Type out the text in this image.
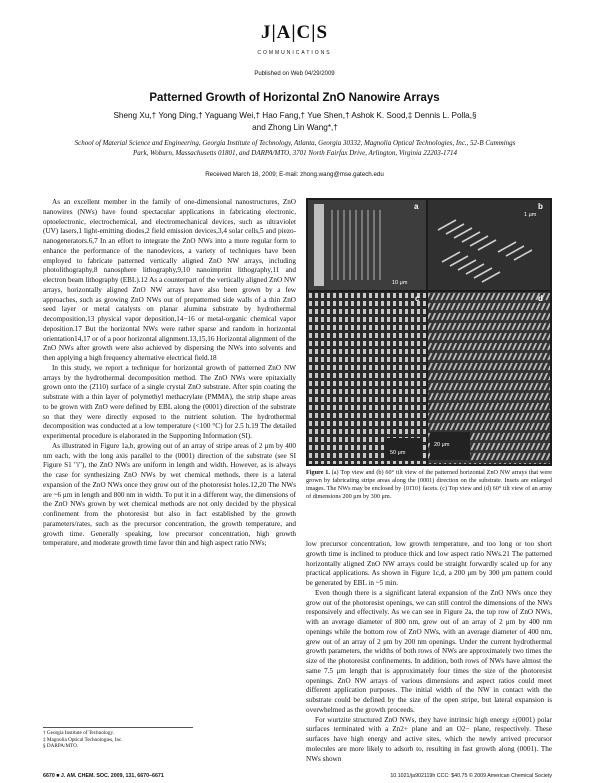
J|A|C|S
COMMUNICATIONS
Published on Web 04/29/2009
Patterned Growth of Horizontal ZnO Nanowire Arrays
Sheng Xu,† Yong Ding,† Yaguang Wei,† Hao Fang,† Yue Shen,† Ashok K. Sood,‡ Dennis L. Polla,§
and Zhong Lin Wang*,†
School of Material Science and Engineering, Georgia Institute of Technology, Atlanta, Georgia 30332, Magnolia Optical Technologies, Inc., 52-B Cummings Park, Woburn, Massachusetts 01801, and DARPA/MTO, 3701 North Fairfax Drive, Arlington, Virginia 22203-1714
Received March 18, 2009; E-mail: zhong.wang@mse.gatech.edu

As an excellent member in the family of one-dimensional nanostructures, ZnO nanowires (NWs) have found spectacular applications in fabricating electronic, optoelectronic, electrochemical, and electromechanical devices, such as ultraviolet (UV) lasers,1 light-emitting diodes,2 field emission devices,3,4 solar cells,5 and piezo-nanogenerators.6,7 In an effort to integrate the ZnO NWs into a more regular form to enhance the performance of the nanodevices, a variety of techniques have been employed to fabricate patterned vertically aligned ZnO NW arrays, including photolithography,8 nanosphere lithography,9,10 nanoimprint lithography,11 and electron beam lithography (EBL).12 As a counterpart of the vertically aligned ZnO NW arrays, horizontally aligned ZnO NW arrays have also been grown by a few approaches, such as growing ZnO NWs out of prepatterned side walls of a thin ZnO seed layer or metal catalysts on planar alumina substrate by hydrothermal decomposition,13 physical vapor deposition,14−16 or metal-organic chemical vapor deposition.17 But the horizontal NWs were rather sparse and random in horizontal orientation14,17 or of a poor horizontal alignment.13,15,16 Horizontal alignment of the ZnO NWs after growth were also achieved by dispersing the NWs into solvents and then applying a high frequency alternative electrical field.18

In this study, we report a technique for horizontal growth of patterned ZnO NW arrays by the hydrothermal decomposition method. The ZnO NWs were epitaxially grown onto the (2̄110) surface of a single crystal ZnO substrate. After spin coating the substrate with a thin layer of polymethyl methacrylate (PMMA), the strip shape areas to be grown with ZnO were defined by EBL along the (0001) direction of the substrate so that they were directly exposed to the nutrient solution. The hydrothermal decomposition was conducted at a low temperature (<100 °C) for 2.5 h.19 The detailed experimental procedure is elaborated in the Supporting Information (SI).

As illustrated in Figure 1a,b, growing out of an array of stripe areas of 2 μm by 400 nm each, with the long axis parallel to the (0001) direction of the substrate (see SI Figure S1 "i"), the ZnO NWs are uniform in length and width. However, as is always the case for synthesizing ZnO NWs by wet chemical methods, there is a lateral expansion of the ZnO NWs once they grow out of the photoresist holes.12,20 The NWs are ~6 μm in length and 800 nm in width. To put it in a different way, the dimensions of the ZnO NWs grown by wet chemical methods are not only decided by the physical confinement from the photoresist but also in fact established by the growth parameters/rates, such as the precursor concentration, the growth temperature, and growth time. Generally speaking, low precursor concentration, high growth temperature, and moderate growth time favor thin and high aspect ratio NWs;

a
10 μm
b
1 μm
c
50 μm
d
20 μm
Figure 1. (a) Top view and (b) 60° tilt view of the patterned horizontal ZnO NW arrays that were grown by fabricating stripe areas along the (0001) direction on the substrate. Insets are enlarged images. The NWs may be enclosed by {01̄10} facets. (c) Top view and (d) 60° tilt view of an array of dimensions 200 μm by 300 μm.

low precursor concentration, low growth temperature, and too long or too short growth time is inclined to produce thick and low aspect ratio NWs.21 The patterned horizontally aligned ZnO NW arrays could be straight forwardly scaled up for any practical applications. As shown in Figure 1c,d, a 200 μm by 300 μm pattern could be generated by EBL in ~5 min.

Even though there is a significant lateral expansion of the ZnO NWs once they grow out of the photoresist openings, we can still control the dimensions of the NWs responsively and effectively. As we can see in Figure 2a, the top row of ZnO NWs, with an average diameter of 800 nm, grew out of an array of 2 μm by 400 nm openings while the bottom row of ZnO NWs, with an average diameter of 400 nm, grew out of an array of 2 μm by 200 nm openings. Under the current hydrothermal growth parameters, the widths of both rows of NWs are approximately two times the size of the photoresist confinements. In addition, both rows of NWs have almost the same 7.5 μm length that is approximately four times the size of the photoresist openings. ZnO NW arrays of various dimensions and aspect ratios could meet different application purposes. The initial width of the NW in contact with the substrate could be defined by the size of the open stripe, but lateral expansion is overwhelmed as the growth proceeds.

For wurtzite structured ZnO NWs, they have intrinsic high energy ±(0001) polar surfaces terminated with a Zn2+ plane and an O2− plane, respectively. These surfaces have high energy and active sites, which the newly arrived precursor molecules are more likely to adsorb to, resulting in fast growth along (0001). The NWs shown

† Georgia Institute of Technology.
‡ Magnolia Optical Technologies, Inc.
§ DARPA/MTO.
6670 ■ J. AM. CHEM. SOC. 2009, 131, 6670–6671	10.1021/ja902119h CCC: $40.75 © 2009 American Chemical Society
